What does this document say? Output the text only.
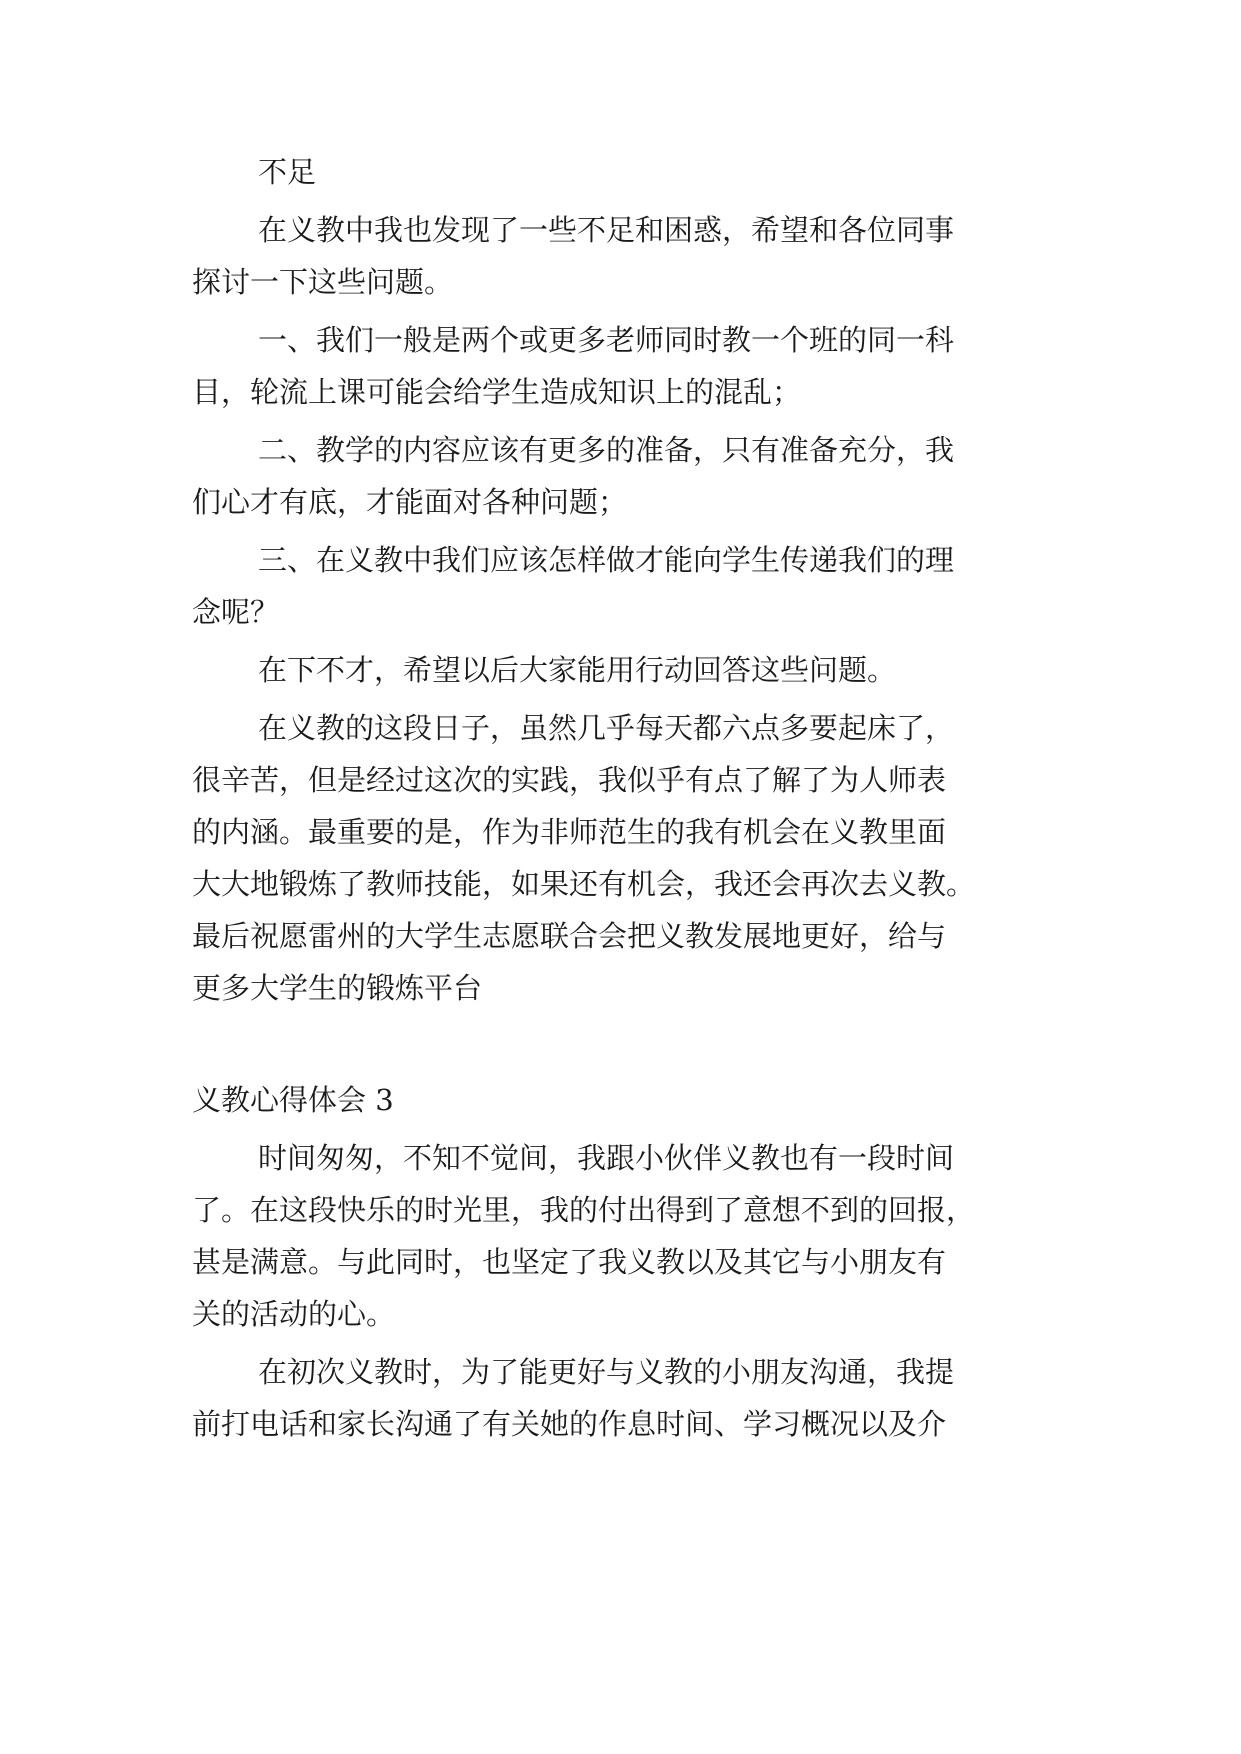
不足
在义教中我也发现了一些不足和困惑，希望和各位同事
探讨一下这些问题。
一、我们一般是两个或更多老师同时教一个班的同一科
目，轮流上课可能会给学生造成知识上的混乱；
二、教学的内容应该有更多的准备，只有准备充分，我
们心才有底，才能面对各种问题；
三、在义教中我们应该怎样做才能向学生传递我们的理
念呢？
在下不才，希望以后大家能用行动回答这些问题。
在义教的这段日子，虽然几乎每天都六点多要起床了，
很辛苦，但是经过这次的实践，我似乎有点了解了为人师表
的内涵。最重要的是，作为非师范生的我有机会在义教里面
大大地锻炼了教师技能，如果还有机会，我还会再次去义教。
最后祝愿雷州的大学生志愿联合会把义教发展地更好，给与
更多大学生的锻炼平台
义教心得体会 3
时间匆匆，不知不觉间，我跟小伙伴义教也有一段时间
了。在这段快乐的时光里，我的付出得到了意想不到的回报，
甚是满意。与此同时，也坚定了我义教以及其它与小朋友有
关的活动的心。
在初次义教时，为了能更好与义教的小朋友沟通，我提
前打电话和家长沟通了有关她的作息时间、学习概况以及介
